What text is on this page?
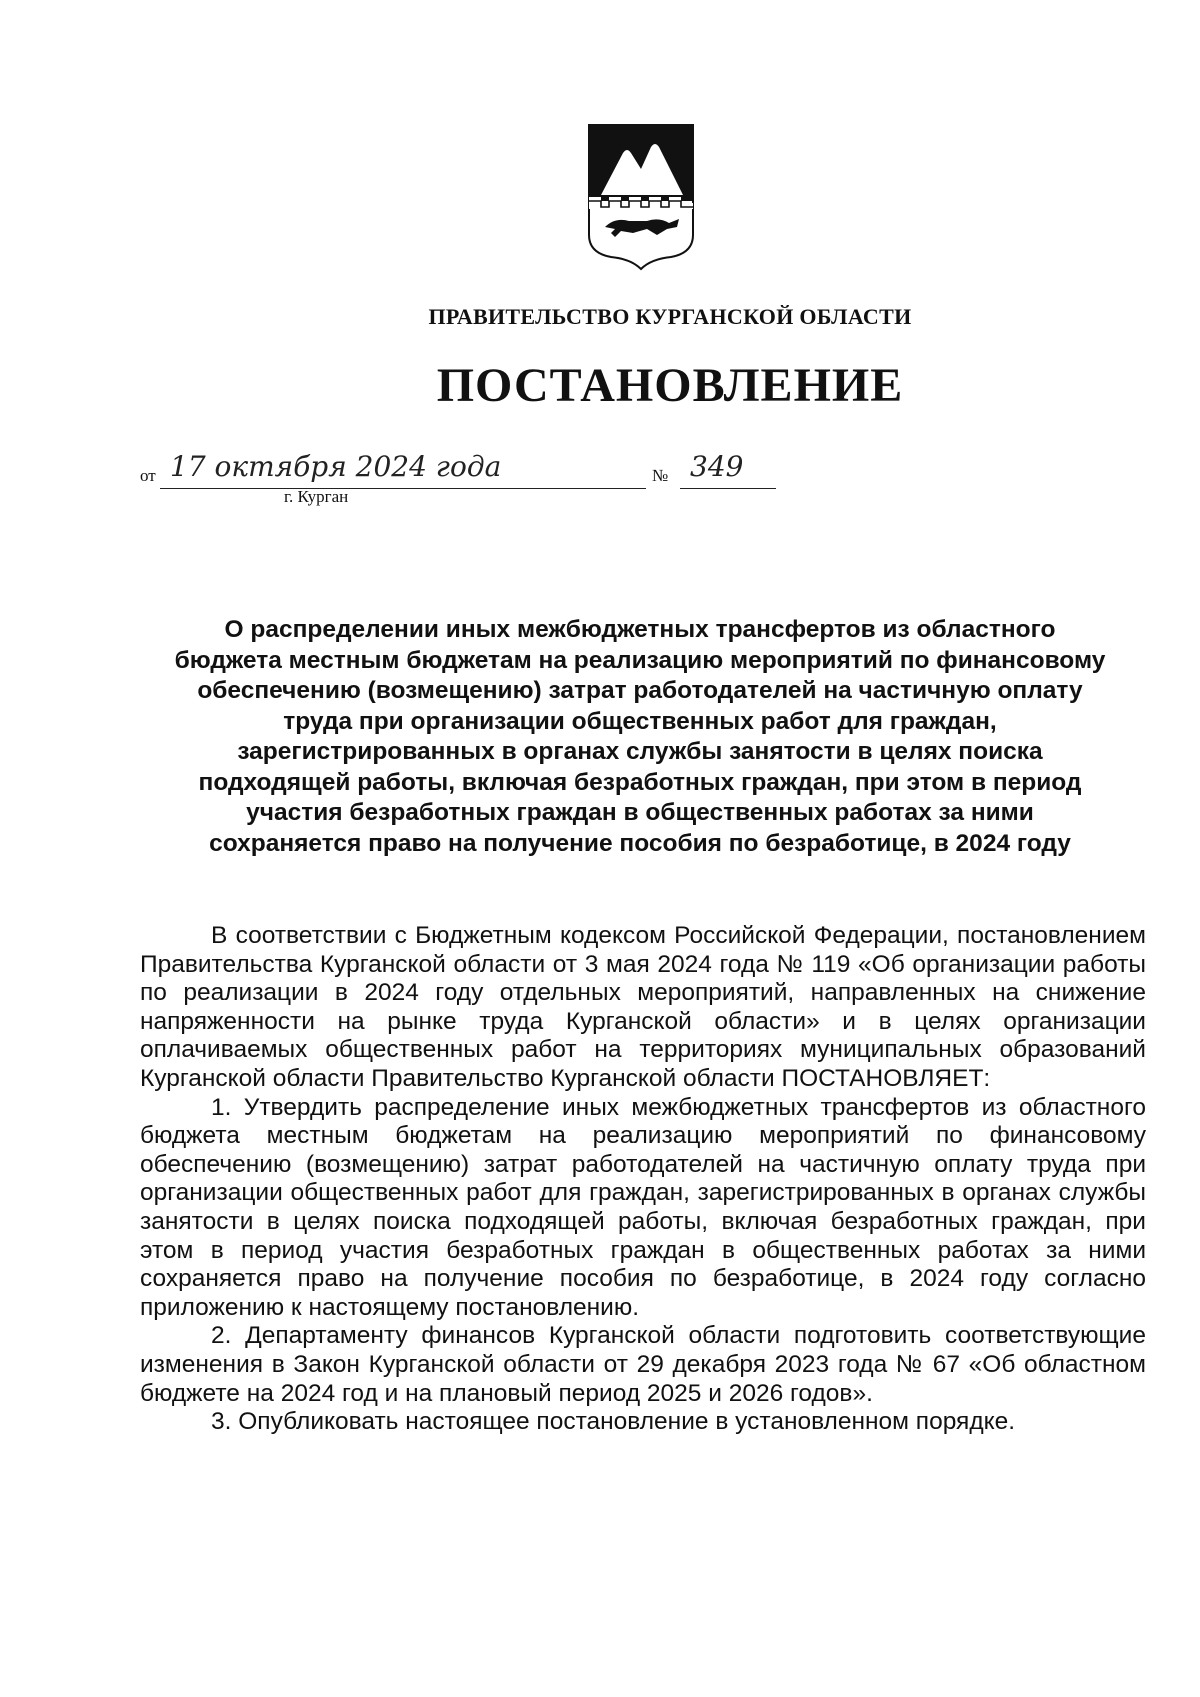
ПРАВИТЕЛЬСТВО КУРГАНСКОЙ ОБЛАСТИ
ПОСТАНОВЛЕНИЕ
от 17 октября 2024 года	№ 349
г. Курган
О распределении иных межбюджетных трансфертов из областного
бюджета местным бюджетам на реализацию мероприятий по финансовому
обеспечению (возмещению) затрат работодателей на частичную оплату
труда при организации общественных работ для граждан,
зарегистрированных в органах службы занятости в целях поиска
подходящей работы, включая безработных граждан, при этом в период
участия безработных граждан в общественных работах за ними
сохраняется право на получение пособия по безработице, в 2024 году

В соответствии с Бюджетным кодексом Российской Федерации, постановлением Правительства Курганской области от 3 мая 2024 года № 119 «Об организации работы по реализации в 2024 году отдельных мероприятий, направленных на снижение напряженности на рынке труда Курганской области» и в целях организации оплачиваемых общественных работ на территориях муниципальных образований Курганской области Правительство Курганской области ПОСТАНОВЛЯЕТ:

1. Утвердить распределение иных межбюджетных трансфертов из областного бюджета местным бюджетам на реализацию мероприятий по финансовому обеспечению (возмещению) затрат работодателей на частичную оплату труда при организации общественных работ для граждан, зарегистрированных в органах службы занятости в целях поиска подходящей работы, включая безработных граждан, при этом в период участия безработных граждан в общественных работах за ними сохраняется право на получение пособия по безработице, в 2024 году согласно приложению к настоящему постановлению.

2. Департаменту финансов Курганской области подготовить соответствующие изменения в Закон Курганской области от 29 декабря 2023 года № 67 «Об областном бюджете на 2024 год и на плановый период 2025 и 2026 годов».

3. Опубликовать настоящее постановление в установленном порядке.
